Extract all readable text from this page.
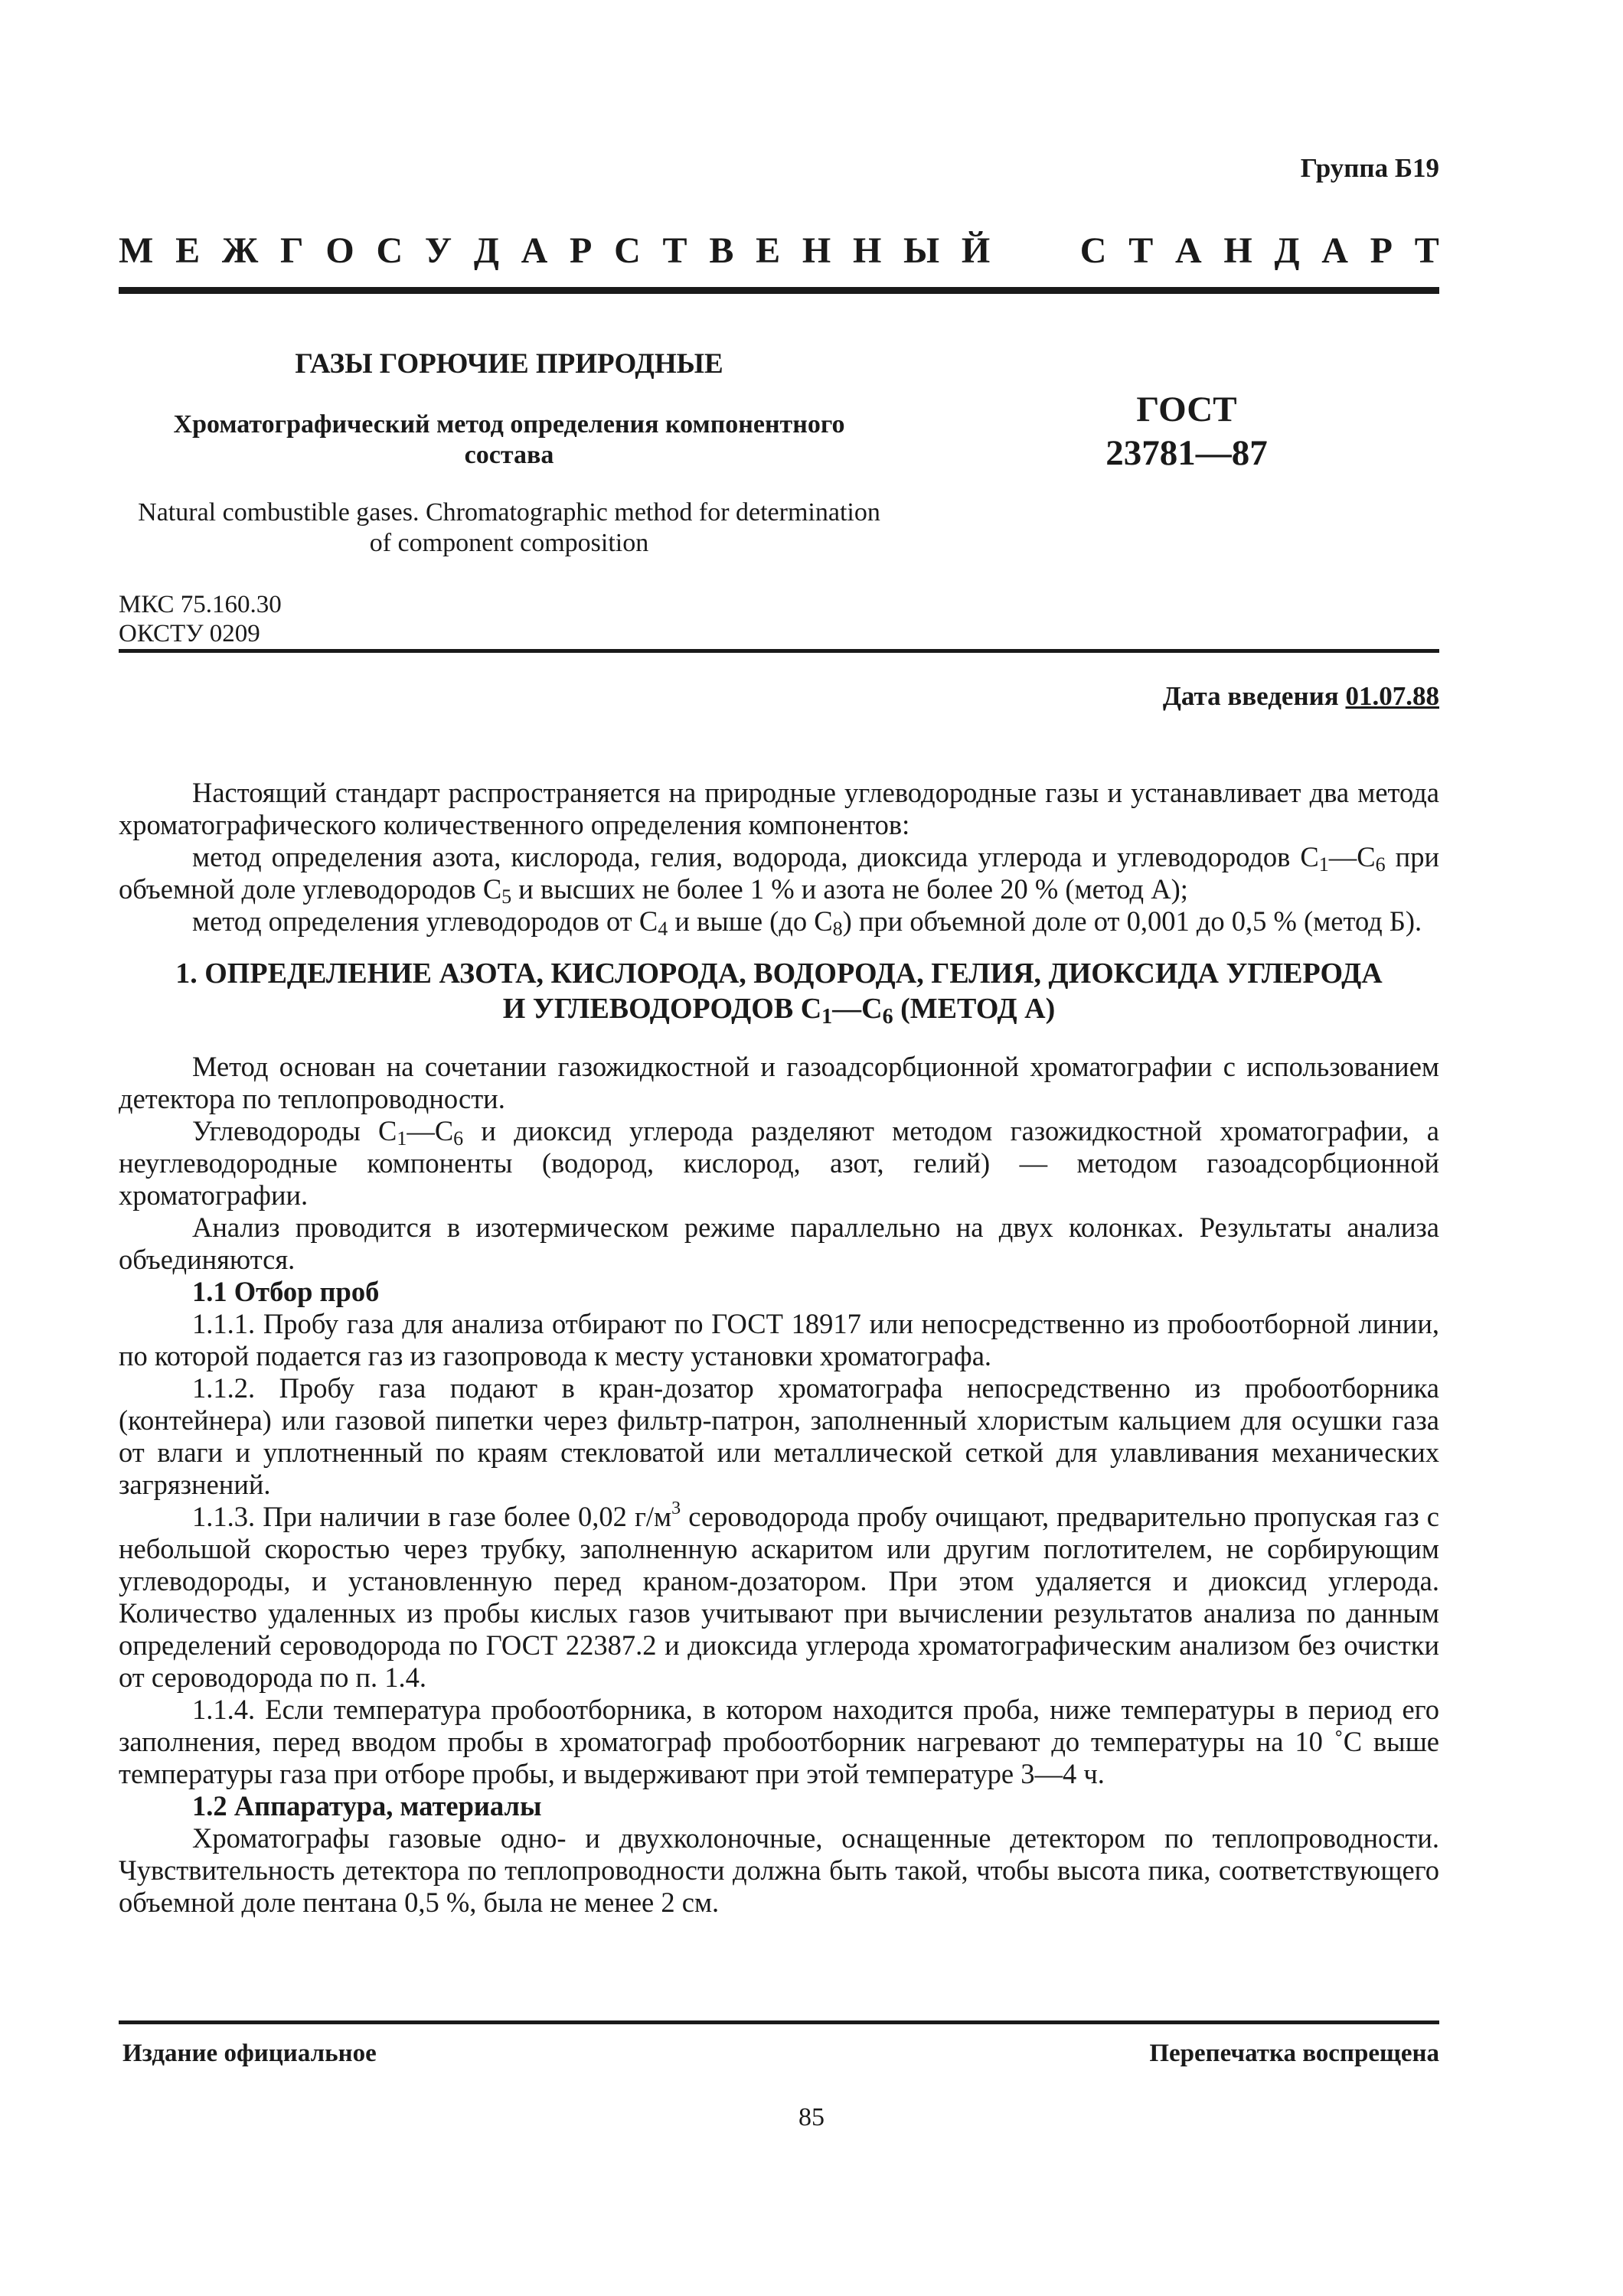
Группа Б19
М Е Ж Г О С У Д А Р С Т В Е Н Н Ы Й С Т А Н Д А Р Т
ГАЗЫ ГОРЮЧИЕ ПРИРОДНЫЕ
Хроматографический метод определения компонентного состава
Natural combustible gases. Chromatographic method for determination of component composition
ГОСТ
23781—87
МКС 75.160.30
ОКСТУ 0209
Дата введения 01.07.88

Настоящий стандарт распространяется на природные углеводородные газы и устанавливает два метода хроматографического количественного определения компонентов:

метод определения азота, кислорода, гелия, водорода, диоксида углерода и углеводородов $С_1—С_6$ при объемной доле углеводородов $С_5$ и высших не более 1 % и азота не более 20 % (метод А);

метод определения углеводородов от $С_4$ и выше (до $С_8$) при объемной доле от 0,001 до 0,5 % (метод Б).

1. ОПРЕДЕЛЕНИЕ АЗОТА, КИСЛОРОДА, ВОДОРОДА, ГЕЛИЯ, ДИОКСИДА УГЛЕРОДА
И УГЛЕВОДОРОДОВ $С_1—С_6$ (МЕТОД А)

Метод основан на сочетании газожидкостной и газоадсорбционной хроматографии с использованием детектора по теплопроводности.

Углеводороды $С_1—С_6$ и диоксид углерода разделяют методом газожидкостной хроматографии, а неуглеводородные компоненты (водород, кислород, азот, гелий) — методом газоадсорбционной хроматографии.

Анализ проводится в изотермическом режиме параллельно на двух колонках. Результаты анализа объединяются.

1.1 Отбор проб

1.1.1. Пробу газа для анализа отбирают по ГОСТ 18917 или непосредственно из пробоотборной линии, по которой подается газ из газопровода к месту установки хроматографа.

1.1.2. Пробу газа подают в кран-дозатор хроматографа непосредственно из пробоотборника (контейнера) или газовой пипетки через фильтр-патрон, заполненный хлористым кальцием для осушки газа от влаги и уплотненный по краям стекловатой или металлической сеткой для улавливания механических загрязнений.

1.1.3. При наличии в газе более 0,02 $г/м^3$ сероводорода пробу очищают, предварительно пропуская газ с небольшой скоростью через трубку, заполненную аскаритом или другим поглотителем, не сорбирующим углеводороды, и установленную перед краном-дозатором. При этом удаляется и диоксид углерода. Количество удаленных из пробы кислых газов учитывают при вычислении результатов анализа по данным определений сероводорода по ГОСТ 22387.2 и диоксида углерода хроматографическим анализом без очистки от сероводорода по п. 1.4.

1.1.4. Если температура пробоотборника, в котором находится проба, ниже температуры в период его заполнения, перед вводом пробы в хроматограф пробоотборник нагревают до температуры на 10 ˚С выше температуры газа при отборе пробы, и выдерживают при этой температуре 3—4 ч.

1.2 Аппаратура, материалы

Хроматографы газовые одно- и двухколоночные, оснащенные детектором по теплопроводности. Чувствительность детектора по теплопроводности должна быть такой, чтобы высота пика, соответствующего объемной доле пентана 0,5 %, была не менее 2 см.

Издание официальное	Перепечатка воспрещена
85
